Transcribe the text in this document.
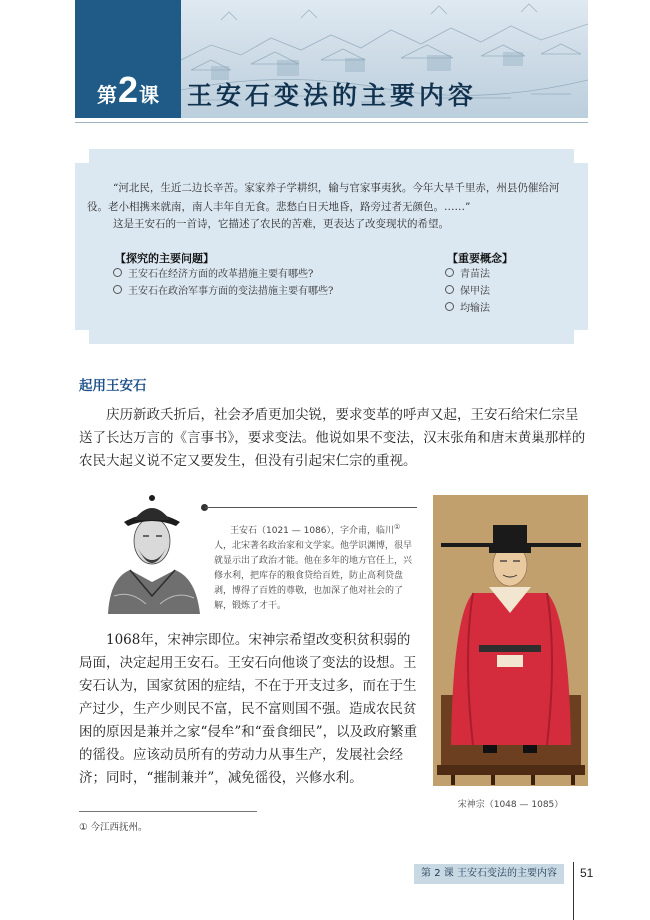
第2课	王安石变法的主要内容
“河北民，生近二边长辛苦。家家养子学耕织，输与官家事夷狄。今年大旱千里赤，州县仍催给河役。老小相携来就南，南人丰年自无食。悲愁白日天地昏，路旁过者无颜色。……”
这是王安石的一首诗，它描述了农民的苦难，更表达了改变现状的希望。
【探究的主要问题】
王安石在经济方面的改革措施主要有哪些?
王安石在政治军事方面的变法措施主要有哪些?
【重要概念】
青苗法
保甲法
均输法
起用王安石
庆历新政夭折后，社会矛盾更加尖锐，要求变革的呼声又起，王安石给宋仁宗呈送了长达万言的《言事书》，要求变法。他说如果不变法，汉末张角和唐末黄巢那样的农民大起义说不定又要发生，但没有引起宋仁宗的重视。
王安石（1021 — 1086），字介甫，临川①人，北宋著名政治家和文学家。他学识渊博，很早就显示出了政治才能。他在多年的地方官任上，兴修水利，把库存的粮食贷给百姓，防止高利贷盘剥，博得了百姓的尊敬，也加深了他对社会的了解，锻炼了才干。
1068年，宋神宗即位。宋神宗希望改变积贫积弱的局面，决定起用王安石。王安石向他谈了变法的设想。王安石认为，国家贫困的症结，不在于开支过多，而在于生产过少，生产少则民不富，民不富则国不强。造成农民贫困的原因是兼并之家“侵牟”和“蚕食细民”，以及政府繁重的徭役。应该动员所有的劳动力从事生产，发展社会经济；同时，“摧制兼并”，减免徭役，兴修水利。
宋神宗（1048 — 1085）
① 今江西抚州。
第 2 课 王安石变法的主要内容	51
